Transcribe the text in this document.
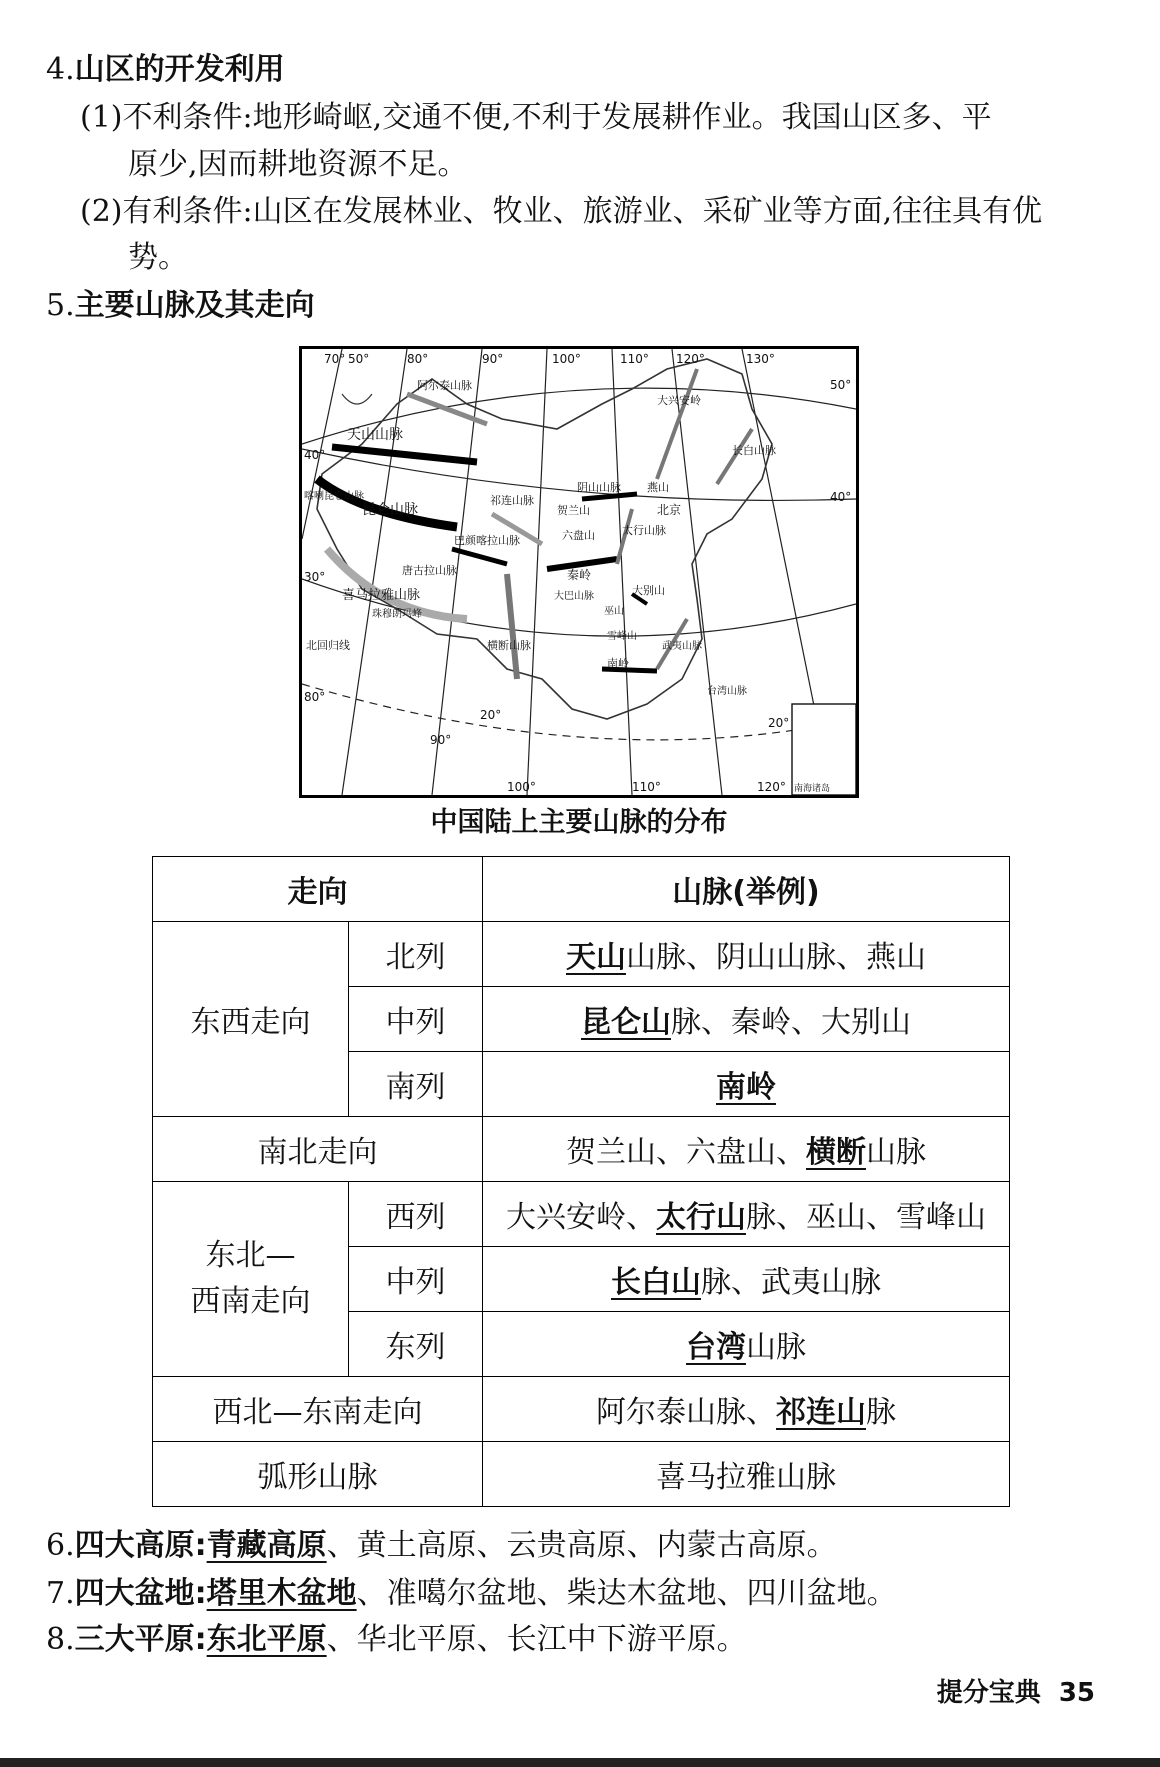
4.山区的开发利用
(1)不利条件:地形崎岖,交通不便,不利于发展耕作业。我国山区多、平
原少,因而耕地资源不足。
(2)有利条件:山区在发展林业、牧业、旅游业、采矿业等方面,往往具有优
势。
5.主要山脉及其走向
70° 50°	80°	90°	100°	110° 120°	130°
90°
20°
100°	110°	120°
50°
40°
40°
30°
80°
20°
北回归线
北京
南海诸岛
天山山脉
昆仑山脉
阿尔泰山脉
喀喇昆仑山脉
喜马拉雅山脉
珠穆朗玛峰
祁连山脉
巴颜喀拉山脉
唐古拉山脉
横断山脉
阴山山脉 燕山
贺兰山
六盘山 太行山脉
秦岭
大巴山脉
巫山
大别山
雪峰山
武夷山脉
南岭
台湾山脉
大兴安岭
长白山脉
中国陆上主要山脉的分布
走向		山脉(举例)
东西走向	北列	天山山脉、阴山山脉、燕山
	中列	昆仑山脉、秦岭、大别山
	南列	南岭
南北走向		贺兰山、六盘山、横断山脉
东北—
西南走向	西列	大兴安岭、太行山脉、巫山、雪峰山
	中列	长白山脉、武夷山脉
	东列	台湾山脉
西北—东南走向		阿尔泰山脉、祁连山脉
弧形山脉		喜马拉雅山脉
6.四大高原:青藏高原、黄土高原、云贵高原、内蒙古高原。
7.四大盆地:塔里木盆地、准噶尔盆地、柴达木盆地、四川盆地。
8.三大平原:东北平原、华北平原、长江中下游平原。
提分宝典 35
